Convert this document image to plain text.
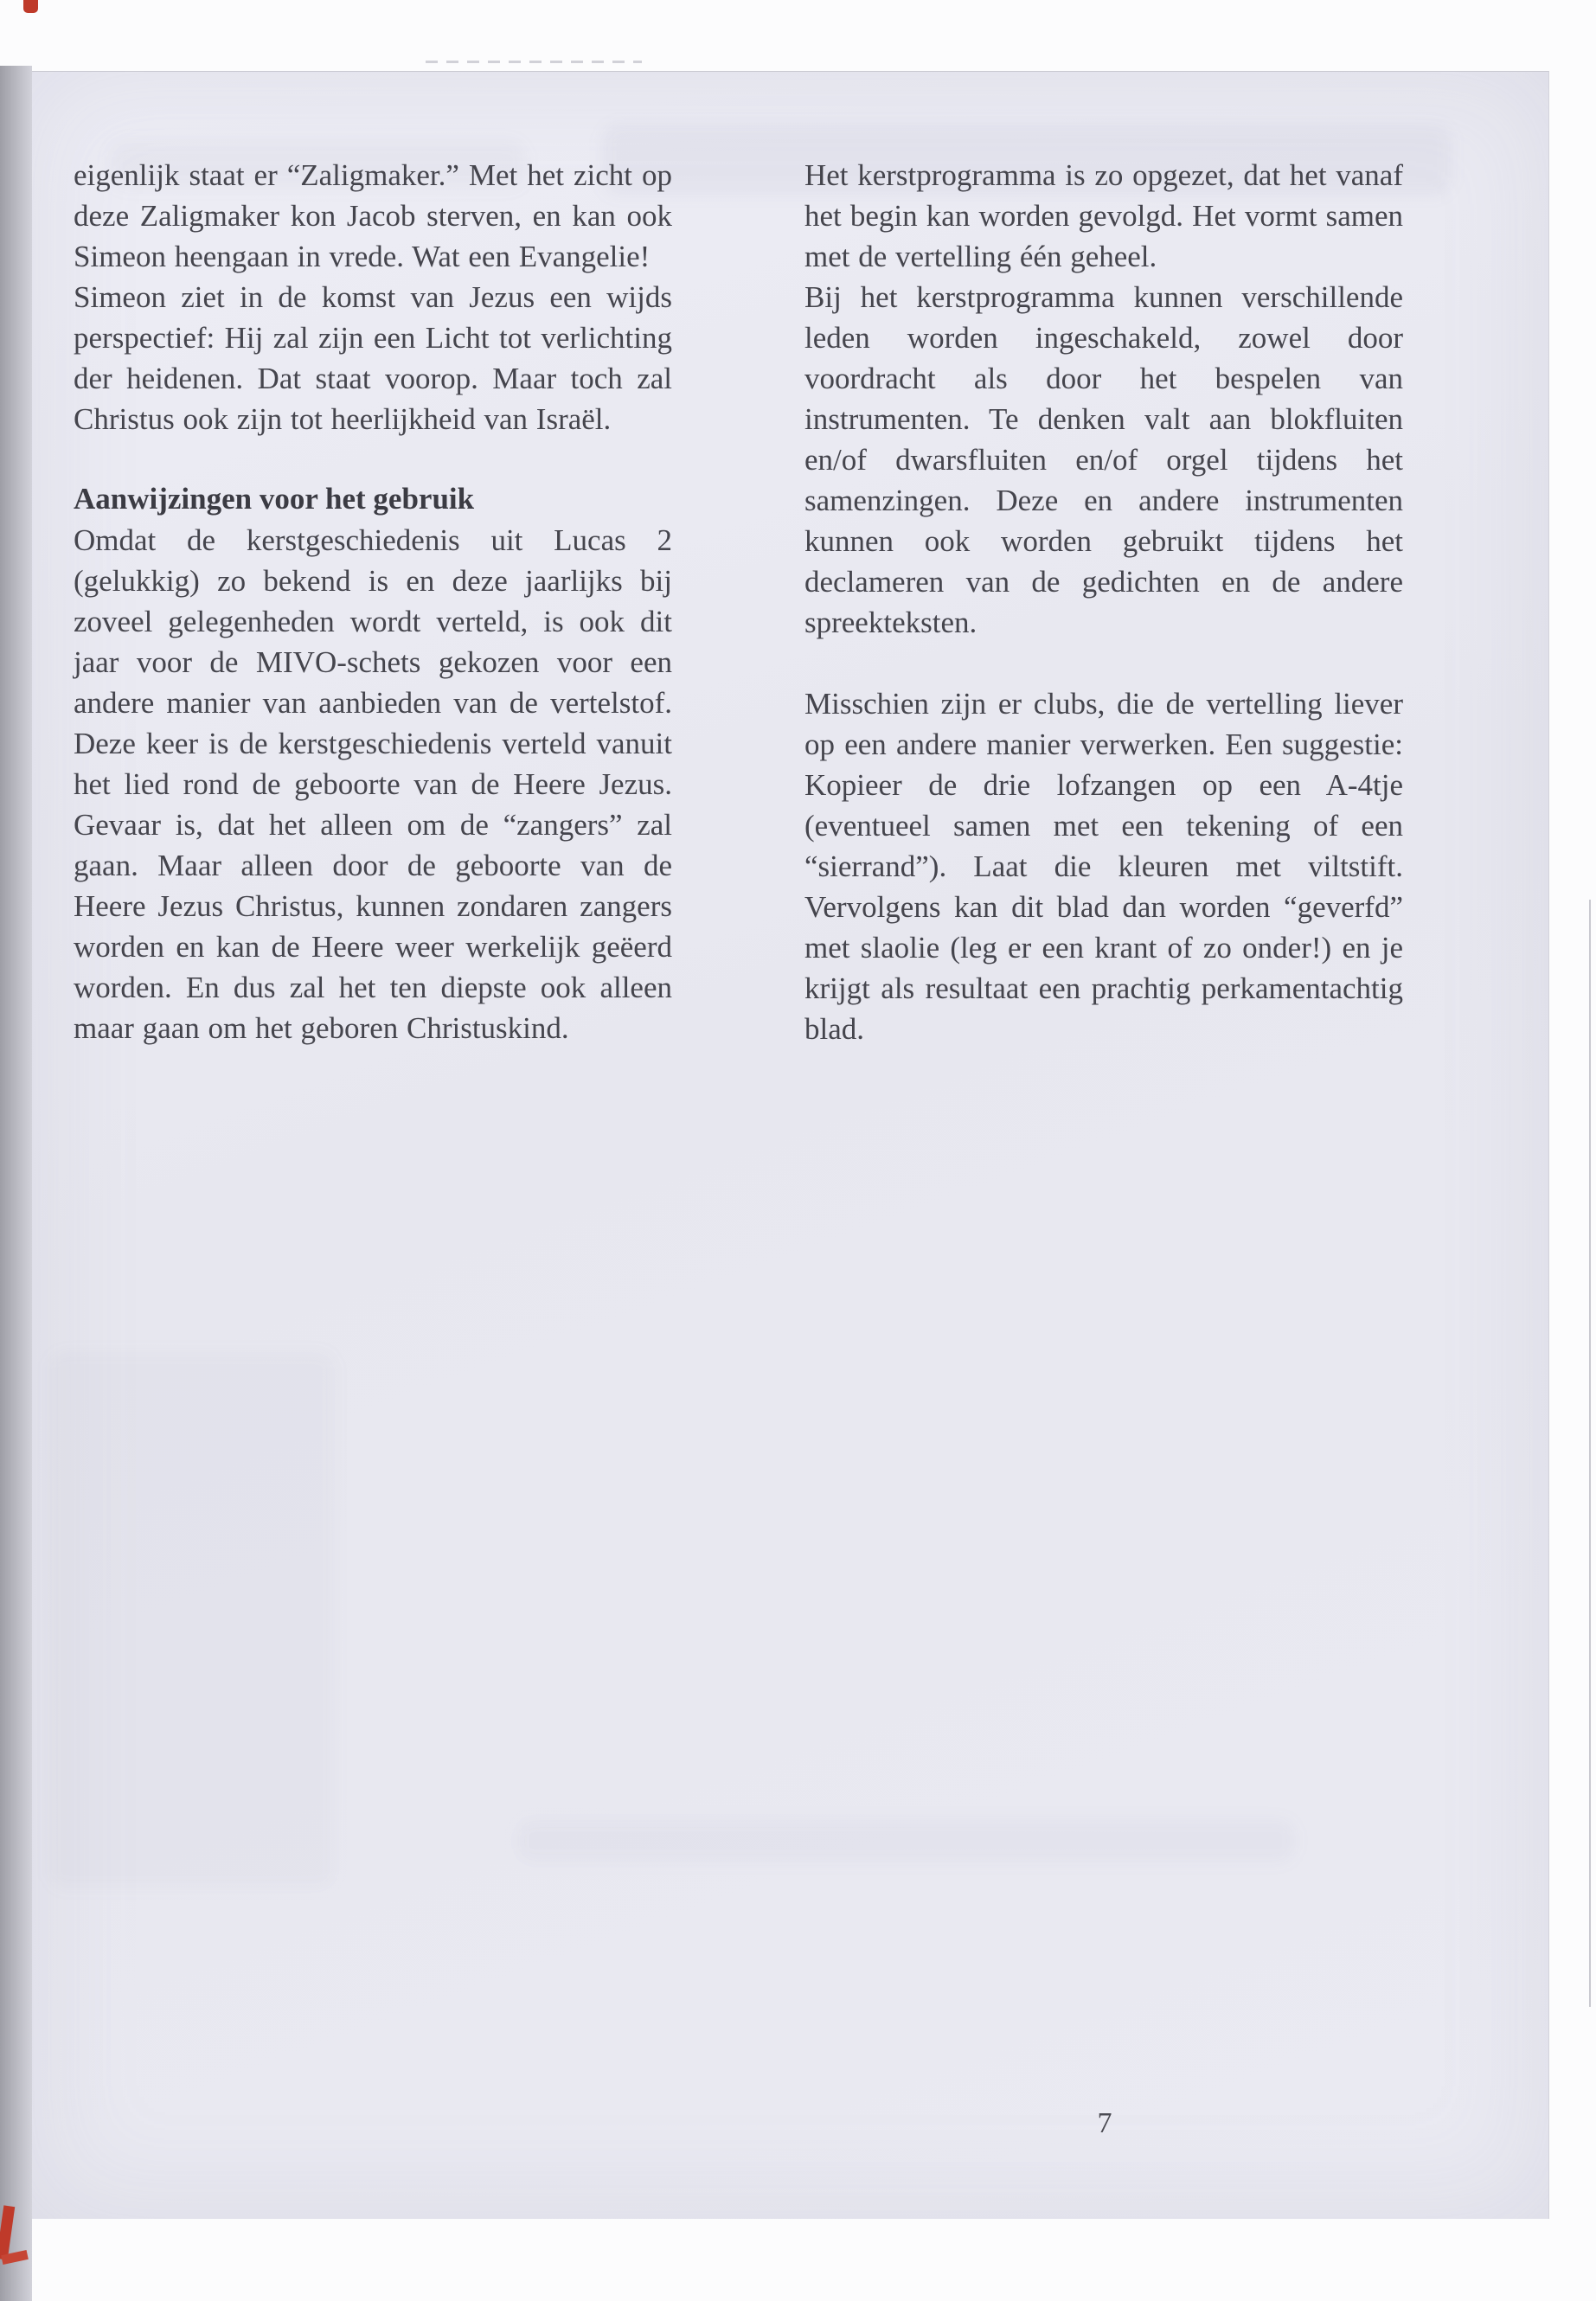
eigenlijk staat er “Zaligmaker.” Met het zicht op deze Zaligmaker kon Jacob sterven, en kan ook Simeon heengaan in vrede. Wat een Evangelie!

Simeon ziet in de komst van Jezus een wijds perspectief: Hij zal zijn een Licht tot verlichting der heidenen. Dat staat voorop. Maar toch zal Christus ook zijn tot heerlijkheid van Israël.

Aanwijzingen voor het gebruik

Omdat de kerstgeschiedenis uit Lucas 2 (gelukkig) zo bekend is en deze jaarlijks bij zoveel gelegenheden wordt verteld, is ook dit jaar voor de MIVO-schets gekozen voor een andere manier van aanbieden van de vertelstof. Deze keer is de kerstgeschiedenis verteld vanuit het lied rond de geboorte van de Heere Jezus. Gevaar is, dat het alleen om de “zangers” zal gaan. Maar alleen door de geboorte van de Heere Jezus Christus, kunnen zondaren zangers worden en kan de Heere weer werkelijk geëerd worden. En dus zal het ten diepste ook alleen maar gaan om het geboren Christuskind.

Het kerstprogramma is zo opgezet, dat het vanaf het begin kan worden gevolgd. Het vormt samen met de vertelling één geheel.

Bij het kerstprogramma kunnen verschillende leden worden ingeschakeld, zowel door voordracht als door het bespelen van instrumenten. Te denken valt aan blokfluiten en/of dwarsfluiten en/of orgel tijdens het samenzingen. Deze en andere instrumenten kunnen ook worden gebruikt tijdens het declameren van de gedichten en de andere spreekteksten.

Misschien zijn er clubs, die de vertelling liever op een andere manier verwerken. Een suggestie: Kopieer de drie lofzangen op een A-4tje (eventueel samen met een tekening of een “sierrand”). Laat die kleuren met viltstift. Vervolgens kan dit blad dan worden “geverfd” met slaolie (leg er een krant of zo onder!) en je krijgt als resultaat een prachtig perkamentachtig blad.

7
